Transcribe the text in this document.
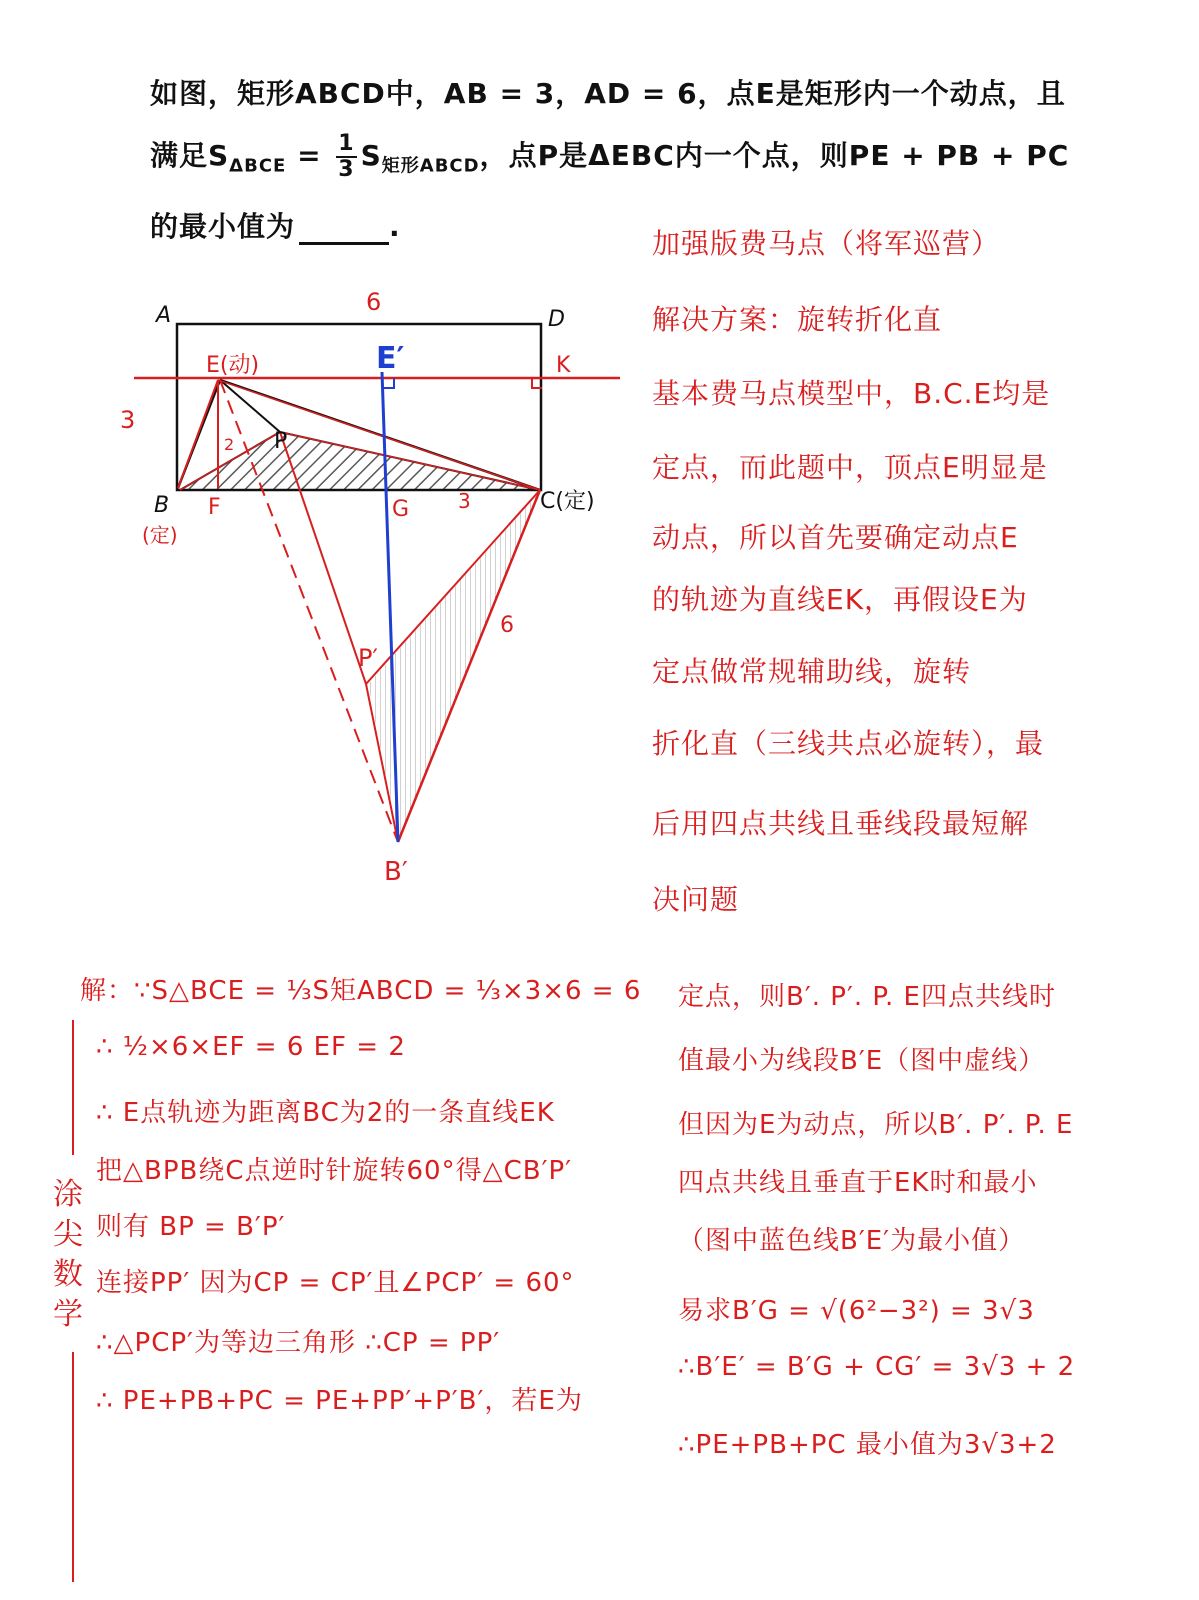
如图，矩形ABCD中，AB = 3，AD = 6，点E是矩形内一个动点，且
满足$S_{\Delta BCE} = \frac{1}{3} S_{矩形ABCD}$，点P是ΔEBC内一个点，则PE + PB + PC
的最小值为	.
A	D
6
3
E(动)	E′	K
2 P
B
(定)
F	G 3	C(定)
6
P′
B′
加强版费马点（将军巡营）
解决方案：旋转折化直
基本费马点模型中，B.C.E均是
定点，而此题中，顶点E明显是
动点，所以首先要确定动点E
的轨迹为直线EK，再假设E为
定点做常规辅助线，旋转
折化直（三线共点必旋转），最
后用四点共线且垂线段最短解
决问题
解：∵S△BCE = ⅓S矩ABCD = ⅓×3×6 = 6
∴ ½×6×EF = 6 EF = 2
∴ E点轨迹为距离BC为2的一条直线EK
把△BPB绕C点逆时针旋转60°得△CB′P′
则有 BP = B′P′
连接PP′ 因为CP = CP′且∠PCP′ = 60°
∴△PCP′为等边三角形 ∴CP = PP′
∴ PE+PB+PC = PE+PP′+P′B′，若E为
定点，则B′. P′. P. E四点共线时
值最小为线段B′E（图中虚线）
但因为E为动点，所以B′. P′. P. E
四点共线且垂直于EK时和最小
（图中蓝色线B′E′为最小值）
易求B′G = √(6²−3²) = 3√3
∴B′E′ = B′G + CG′ = 3√3 + 2
∴PE+PB+PC 最小值为3√3+2
涂尖数学
